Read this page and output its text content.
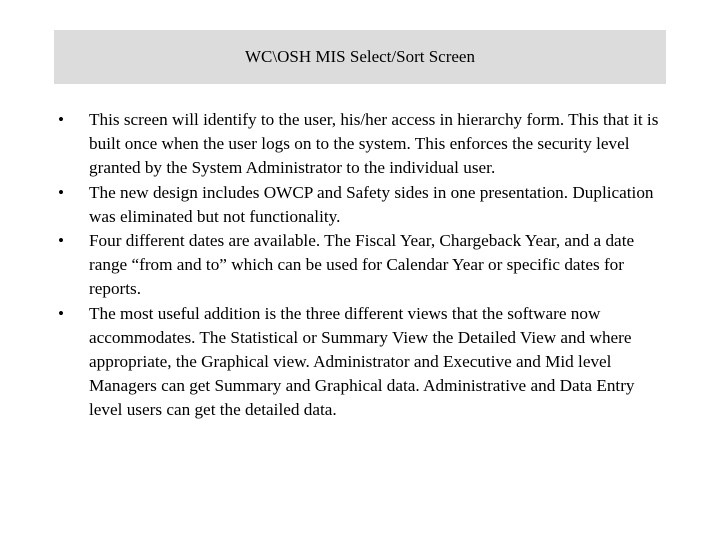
WC\OSH MIS Select/Sort Screen
•	This screen will identify to the user, his/her access in hierarchy form. This that it is built once when the user logs on to the system. This enforces the security level granted by the System Administrator to the individual user.
•	The new design includes OWCP and Safety sides in one presentation. Duplication was eliminated but not functionality.
•	Four different dates are available. The Fiscal Year, Chargeback Year, and a date range “from and to” which can be used for Calendar Year or specific dates for reports.
•	The most useful addition is the three different views that the software now accommodates. The Statistical or Summary View the Detailed View and where appropriate, the Graphical view. Administrator and Executive and Mid level Managers can get Summary and Graphical data. Administrative and Data Entry level users can get the detailed data.
